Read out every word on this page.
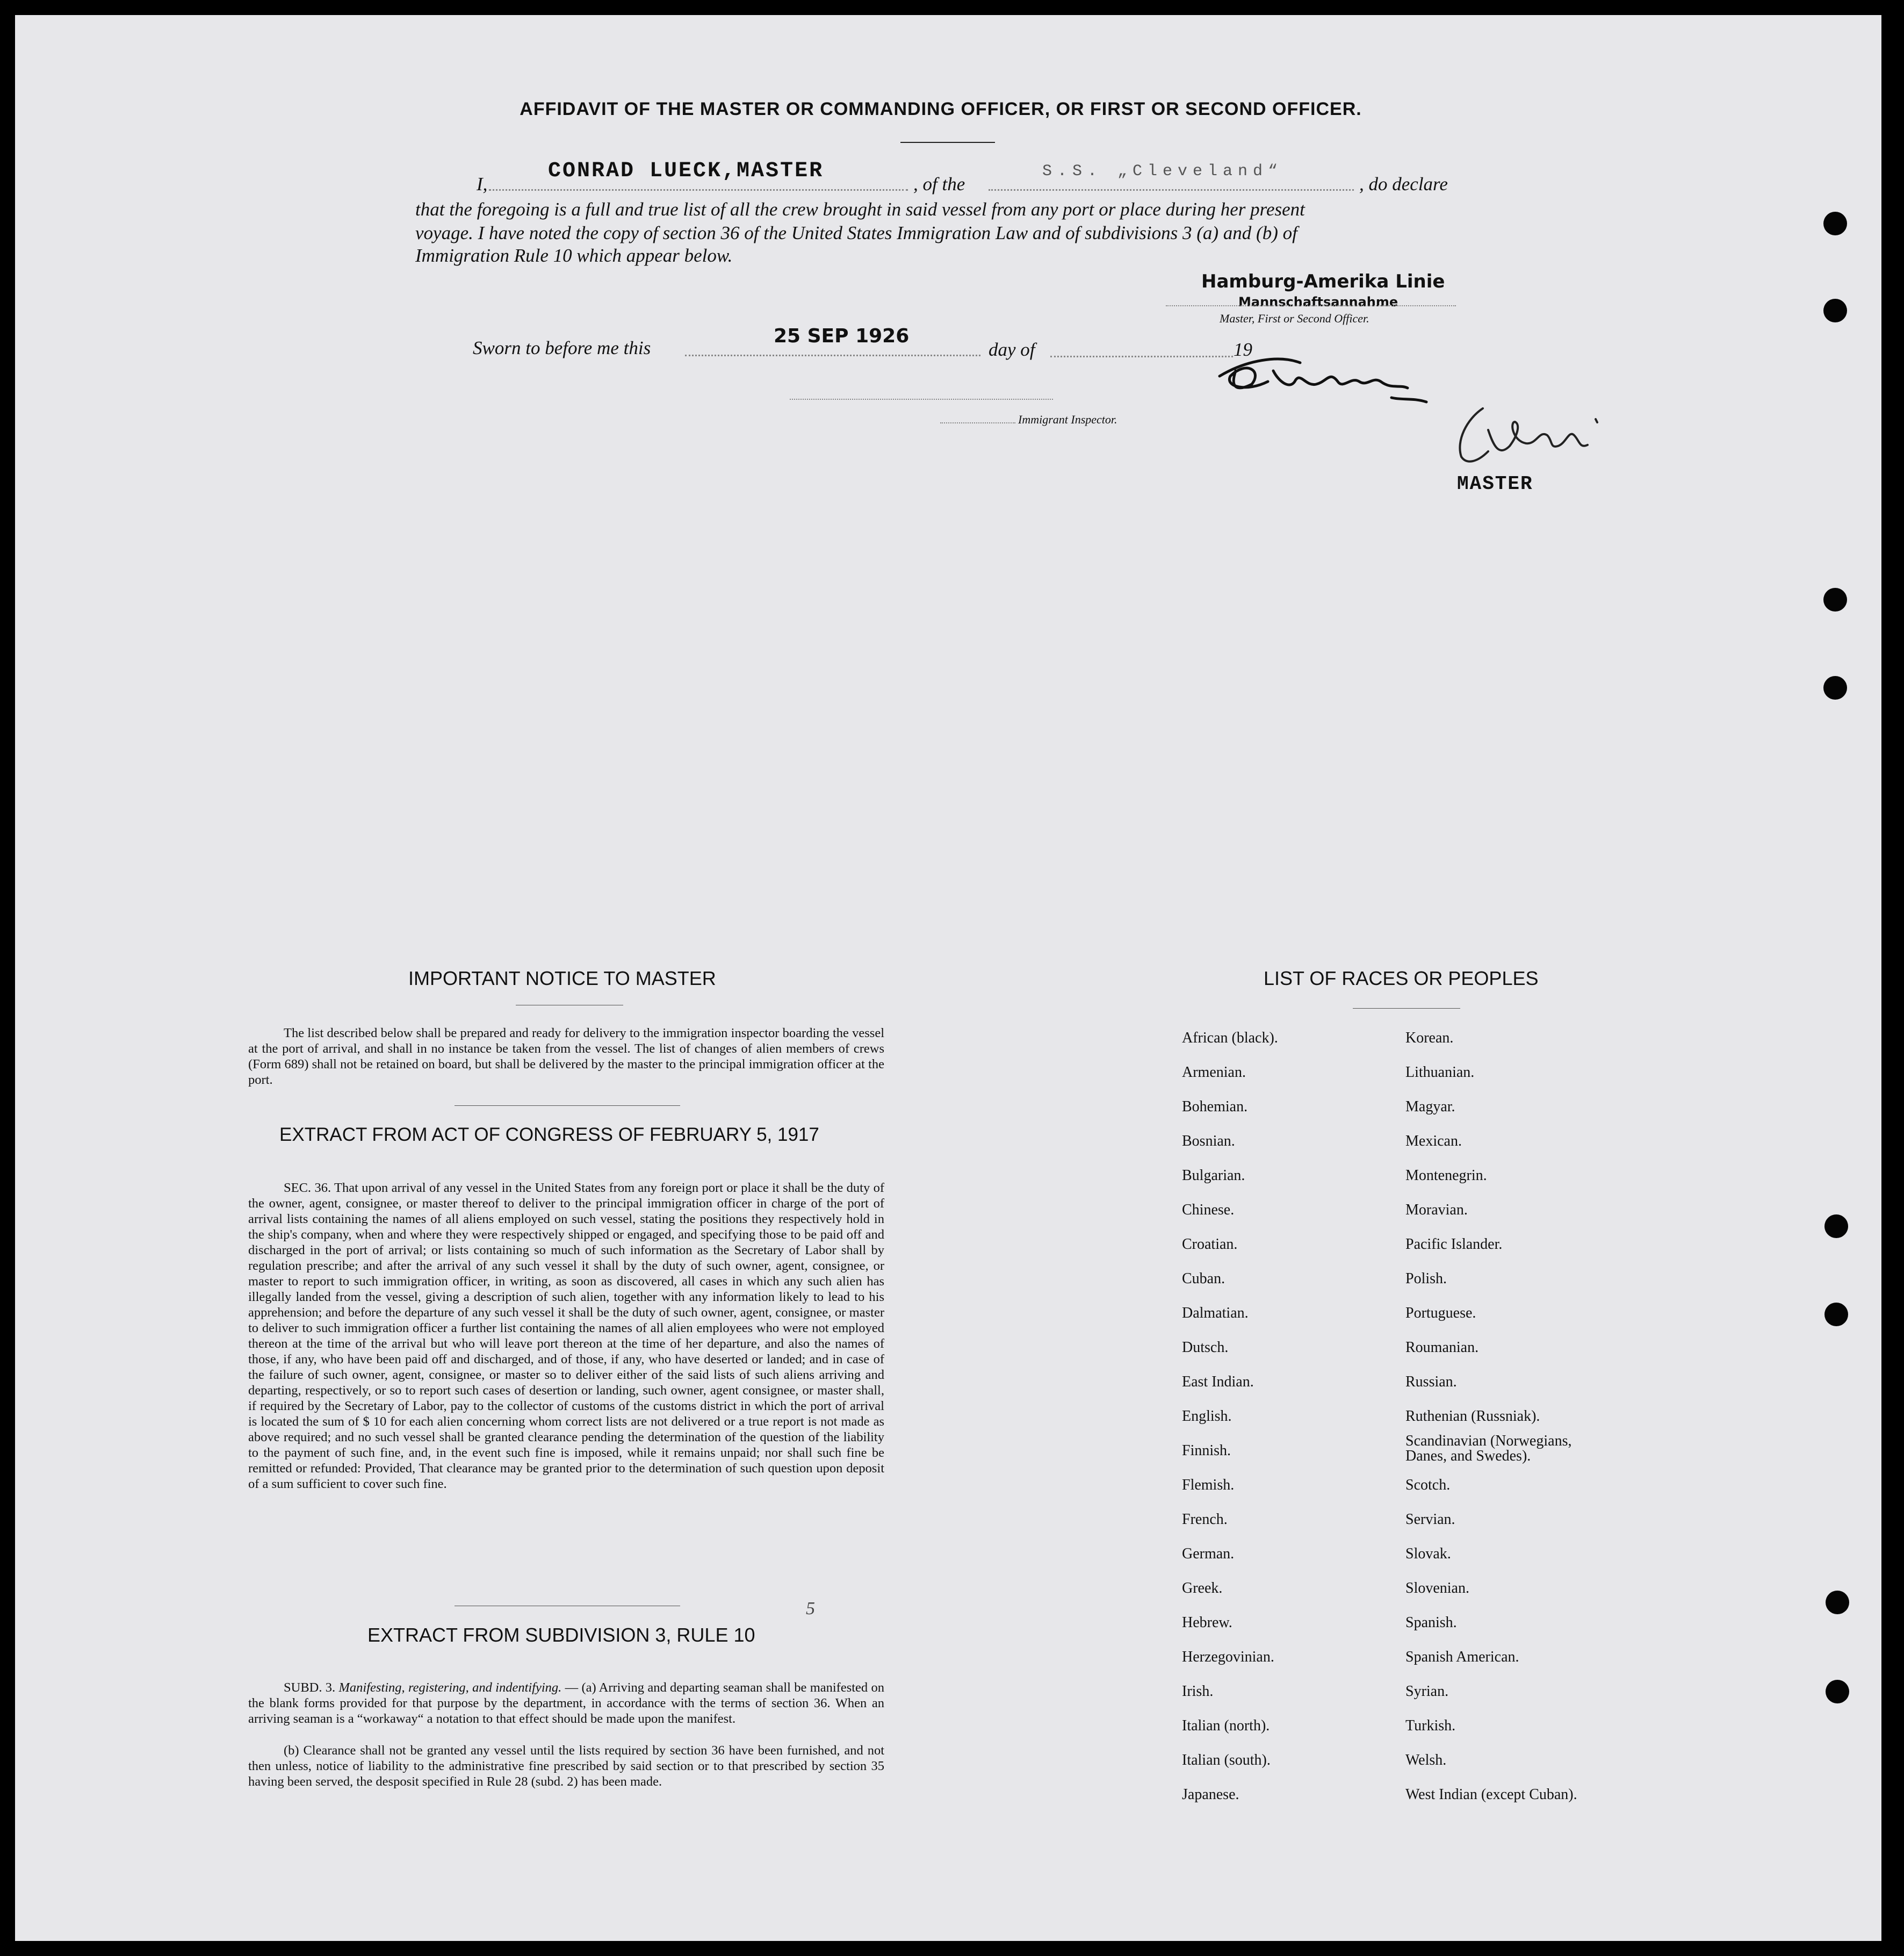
AFFIDAVIT OF THE MASTER OR COMMANDING OFFICER, OR FIRST OR SECOND OFFICER.
I,
CONRAD LUECK,MASTER
, of the
S.S. „Cleveland“
, do declare
that the foregoing is a full and true list of all the crew brought in said vessel from any port or place during her present
voyage. I have noted the copy of section 36 of the United States Immigration Law and of subdivisions 3 (a) and (b) of
Immigration Rule 10 which appear below.
Hamburg-Amerika Linie
Mannschaftsannahme
Master, First or Second Officer.
Sworn to before me this
25 SEP 1926
day of	19
Immigrant Inspector.
MASTER
IMPORTANT NOTICE TO MASTER
The list described below shall be prepared and ready for delivery to the immigration inspector boarding the vessel at the port of arrival, and shall in no instance be taken from the vessel. The list of changes of alien members of crews (Form 689) shall not be retained on board, but shall be delivered by the master to the principal immigration officer at the port.
EXTRACT FROM ACT OF CONGRESS OF FEBRUARY 5, 1917
SEC. 36. That upon arrival of any vessel in the United States from any foreign port or place it shall be the duty of the owner, agent, consignee, or master thereof to deliver to the principal immigration officer in charge of the port of arrival lists containing the names of all aliens employed on such vessel, stating the positions they respectively hold in the ship's company, when and where they were respectively shipped or engaged, and specifying those to be paid off and discharged in the port of arrival; or lists containing so much of such information as the Secretary of Labor shall by regulation prescribe; and after the arrival of any such vessel it shall by the duty of such owner, agent, consignee, or master to report to such immigration officer, in writing, as soon as discovered, all cases in which any such alien has illegally landed from the vessel, giving a description of such alien, together with any information likely to lead to his apprehension; and before the departure of any such vessel it shall be the duty of such owner, agent, consignee, or master to deliver to such immigration officer a further list containing the names of all alien employees who were not employed thereon at the time of the arrival but who will leave port thereon at the time of her departure, and also the names of those, if any, who have been paid off and discharged, and of those, if any, who have deserted or landed; and in case of the failure of such owner, agent, consignee, or master so to deliver either of the said lists of such aliens arriving and departing, respectively, or so to report such cases of desertion or landing, such owner, agent consignee, or master shall, if required by the Secretary of Labor, pay to the collector of customs of the customs district in which the port of arrival is located the sum of $ 10 for each alien concerning whom correct lists are not delivered or a true report is not made as above required; and no such vessel shall be granted clearance pending the determination of the question of the liability to the payment of such fine, and, in the event such fine is imposed, while it remains unpaid; nor shall such fine be remitted or refunded: Provided, That clearance may be granted prior to the determination of such question upon deposit of a sum sufficient to cover such fine.
5
EXTRACT FROM SUBDIVISION 3, RULE 10
SUBD. 3. Manifesting, registering, and indentifying. — (a) Arriving and departing seaman shall be manifested on the blank forms provided for that purpose by the department, in accordance with the terms of section 36. When an arriving seaman is a “workaway“ a notation to that effect should be made upon the manifest.
(b) Clearance shall not be granted any vessel until the lists required by section 36 have been furnished, and not then unless, notice of liability to the administrative fine prescribed by said section or to that prescribed by section 35 having been served, the desposit specified in Rule 28 (subd. 2) has been made.
LIST OF RACES OR PEOPLES
African (black).
Armenian.
Bohemian.
Bosnian.
Bulgarian.
Chinese.
Croatian.
Cuban.
Dalmatian.
Dutsch.
East Indian.
English.
Finnish.
Flemish.
French.
German.
Greek.
Hebrew.
Herzegovinian.
Irish.
Italian (north).
Italian (south).
Japanese.
Korean.
Lithuanian.
Magyar.
Mexican.
Montenegrin.
Moravian.
Pacific Islander.
Polish.
Portuguese.
Roumanian.
Russian.
Ruthenian (Russniak).
Scandinavian (Norwegians, Danes, and Swedes).
Scotch.
Servian.
Slovak.
Slovenian.
Spanish.
Spanish American.
Syrian.
Turkish.
Welsh.
West Indian (except Cuban).
